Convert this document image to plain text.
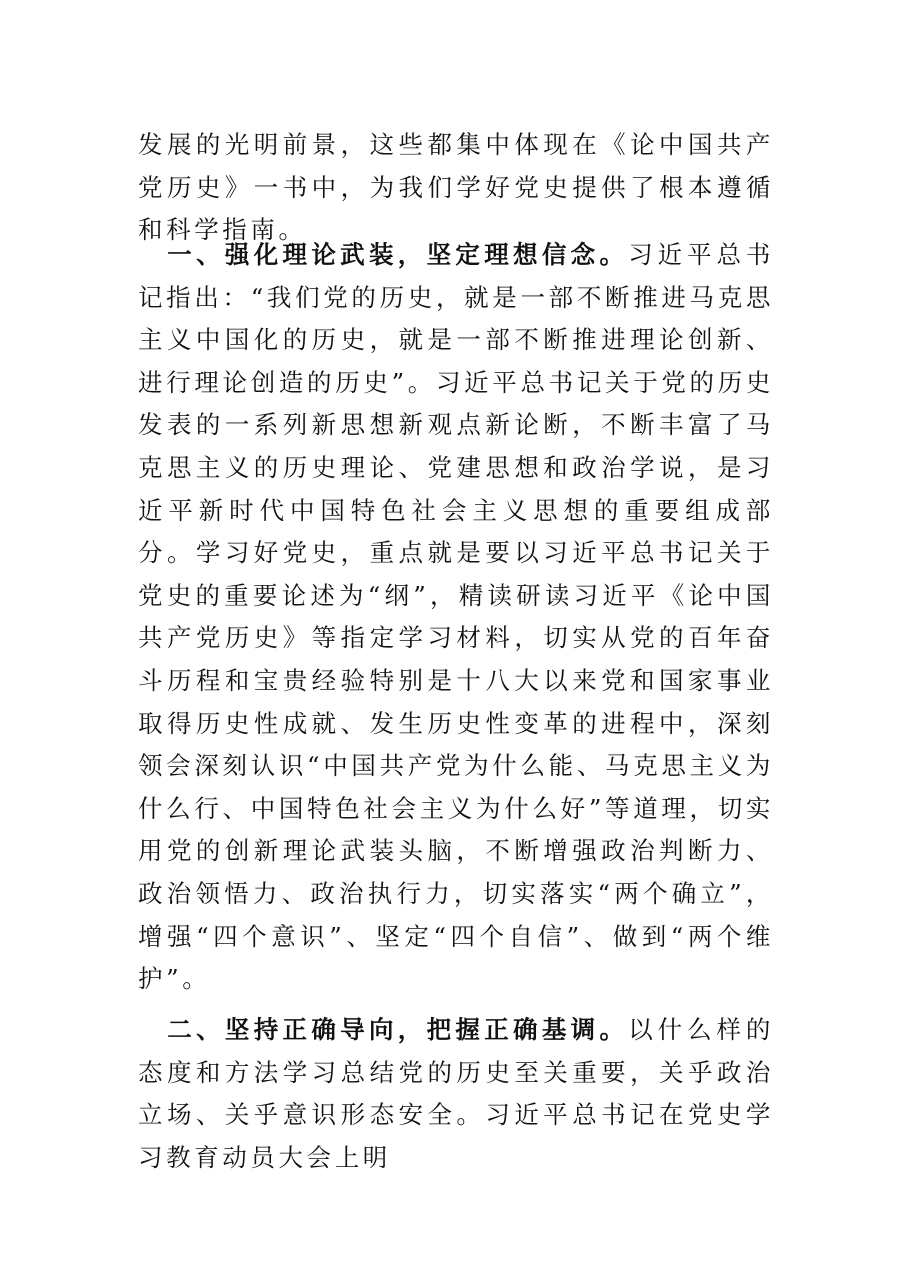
发展的光明前景，这些都集中体现在《论中国共产党历史》一书中，为我们学好党史提供了根本遵循和科学指南。

一、强化理论武装，坚定理想信念。习近平总书记指出：“我们党的历史，就是一部不断推进马克思主义中国化的历史，就是一部不断推进理论创新、进行理论创造的历史”。习近平总书记关于党的历史发表的一系列新思想新观点新论断，不断丰富了马克思主义的历史理论、党建思想和政治学说，是习近平新时代中国特色社会主义思想的重要组成部分。学习好党史，重点就是要以习近平总书记关于党史的重要论述为“纲”，精读研读习近平《论中国共产党历史》等指定学习材料，切实从党的百年奋斗历程和宝贵经验特别是十八大以来党和国家事业取得历史性成就、发生历史性变革的进程中，深刻领会深刻认识“中国共产党为什么能、马克思主义为什么行、中国特色社会主义为什么好”等道理，切实用党的创新理论武装头脑，不断增强政治判断力、政治领悟力、政治执行力，切实落实“两个确立”，增强“四个意识”、坚定“四个自信”、做到“两个维护”。

二、坚持正确导向，把握正确基调。以什么样的态度和方法学习总结党的历史至关重要，关乎政治立场、关乎意识形态安全。习近平总书记在党史学习教育动员大会上明
